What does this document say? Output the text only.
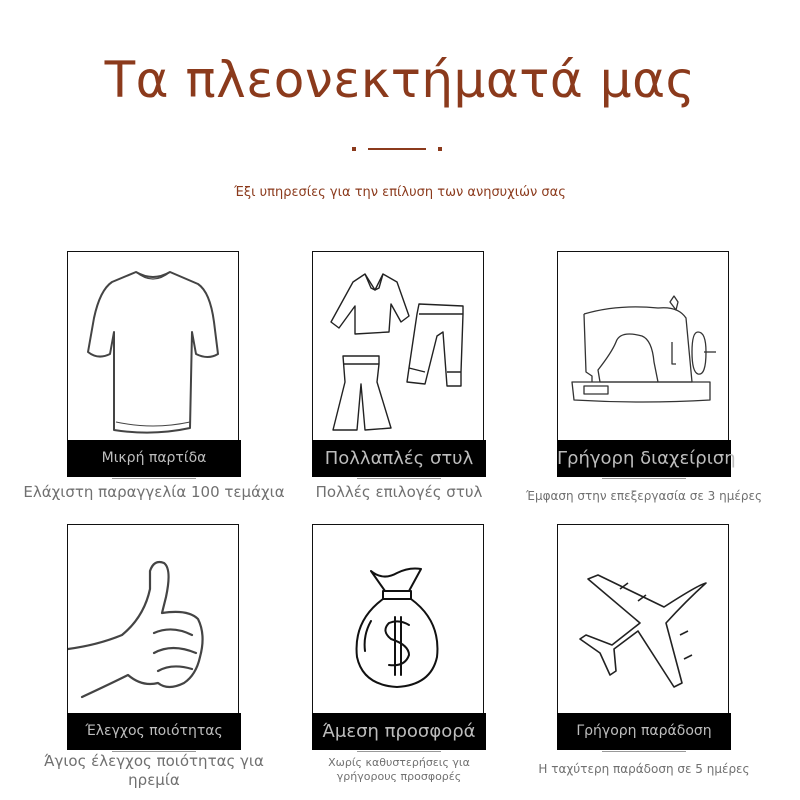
Τα πλεονεκτήματά μας
Έξι υπηρεσίες για την επίλυση των ανησυχιών σας
Μικρή παρτίδα
Ελάχιστη παραγγελία 100 τεμάχια
Πολλαπλές στυλ
Πολλές επιλογές στυλ
Γρήγορη διαχείριση
Έμφαση στην επεξεργασία σε 3 ημέρες
Έλεγχος ποιότητας
Άγιος έλεγχος ποιότητας για ηρεμία
Άμεση προσφορά
Χωρίς καθυστερήσεις για γρήγορους προσφορές
Γρήγορη παράδοση
Η ταχύτερη παράδοση σε 5 ημέρες
